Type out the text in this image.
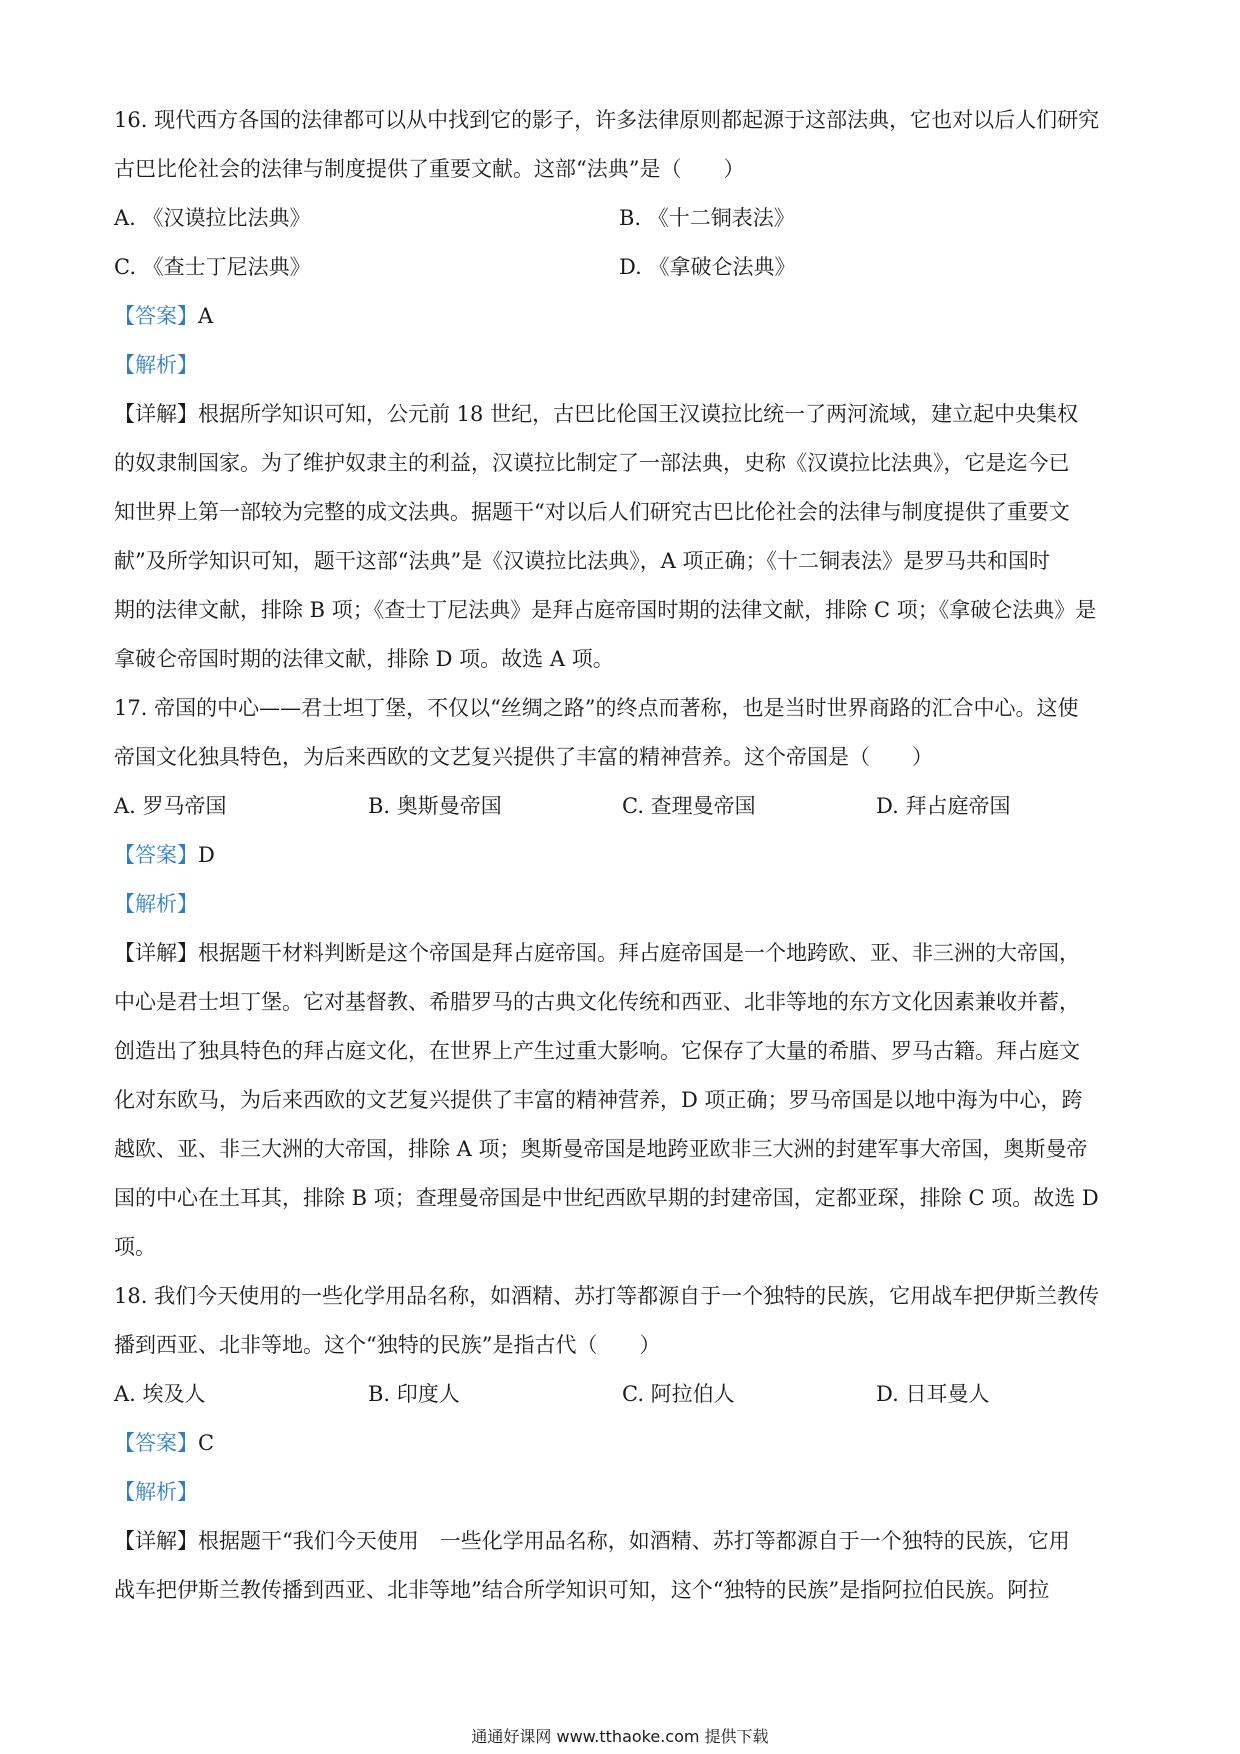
16. 现代西方各国的法律都可以从中找到它的影子，许多法律原则都起源于这部法典，它也对以后人们研究

古巴比伦社会的法律与制度提供了重要文献。这部“法典”是（　　）

A. 《汉谟拉比法典》	B. 《十二铜表法》
C. 《查士丁尼法典》	D. 《拿破仑法典》

【答案】A

【解析】

【详解】根据所学知识可知，公元前 18 世纪，古巴比伦国王汉谟拉比统一了两河流域，建立起中央集权

的奴隶制国家。为了维护奴隶主的利益，汉谟拉比制定了一部法典，史称《汉谟拉比法典》，它是迄今已

知世界上第一部较为完整的成文法典。据题干“对以后人们研究古巴比伦社会的法律与制度提供了重要文

献”及所学知识可知，题干这部“法典”是《汉谟拉比法典》，A 项正确；《十二铜表法》是罗马共和国时

期的法律文献，排除 B 项；《查士丁尼法典》是拜占庭帝国时期的法律文献，排除 C 项；《拿破仑法典》是

拿破仑帝国时期的法律文献，排除 D 项。故选 A 项。

17. 帝国的中心——君士坦丁堡，不仅以“丝绸之路”的终点而著称，也是当时世界商路的汇合中心。这使

帝国文化独具特色，为后来西欧的文艺复兴提供了丰富的精神营养。这个帝国是（　　）

A. 罗马帝国	B. 奥斯曼帝国	C. 查理曼帝国	D. 拜占庭帝国

【答案】D

【解析】

【详解】根据题干材料判断是这个帝国是拜占庭帝国。拜占庭帝国是一个地跨欧、亚、非三洲的大帝国，

中心是君士坦丁堡。它对基督教、希腊罗马的古典文化传统和西亚、北非等地的东方文化因素兼收并蓄，

创造出了独具特色的拜占庭文化，在世界上产生过重大影响。它保存了大量的希腊、罗马古籍。拜占庭文

化对东欧马，为后来西欧的文艺复兴提供了丰富的精神营养，D 项正确；罗马帝国是以地中海为中心，跨

越欧、亚、非三大洲的大帝国，排除 A 项；奥斯曼帝国是地跨亚欧非三大洲的封建军事大帝国，奥斯曼帝

国的中心在土耳其，排除 B 项；查理曼帝国是中世纪西欧早期的封建帝国，定都亚琛，排除 C 项。故选 D

项。

18. 我们今天使用的一些化学用品名称，如酒精、苏打等都源自于一个独特的民族，它用战车把伊斯兰教传

播到西亚、北非等地。这个“独特的民族”是指古代（　　）

A. 埃及人	B. 印度人	C. 阿拉伯人	D. 日耳曼人

【答案】C

【解析】

【详解】根据题干“我们今天使用　一些化学用品名称，如酒精、苏打等都源自于一个独特的民族，它用

战车把伊斯兰教传播到西亚、北非等地”结合所学知识可知，这个“独特的民族”是指阿拉伯民族。阿拉

通通好课网 www.tthaoke.com 提供下载
